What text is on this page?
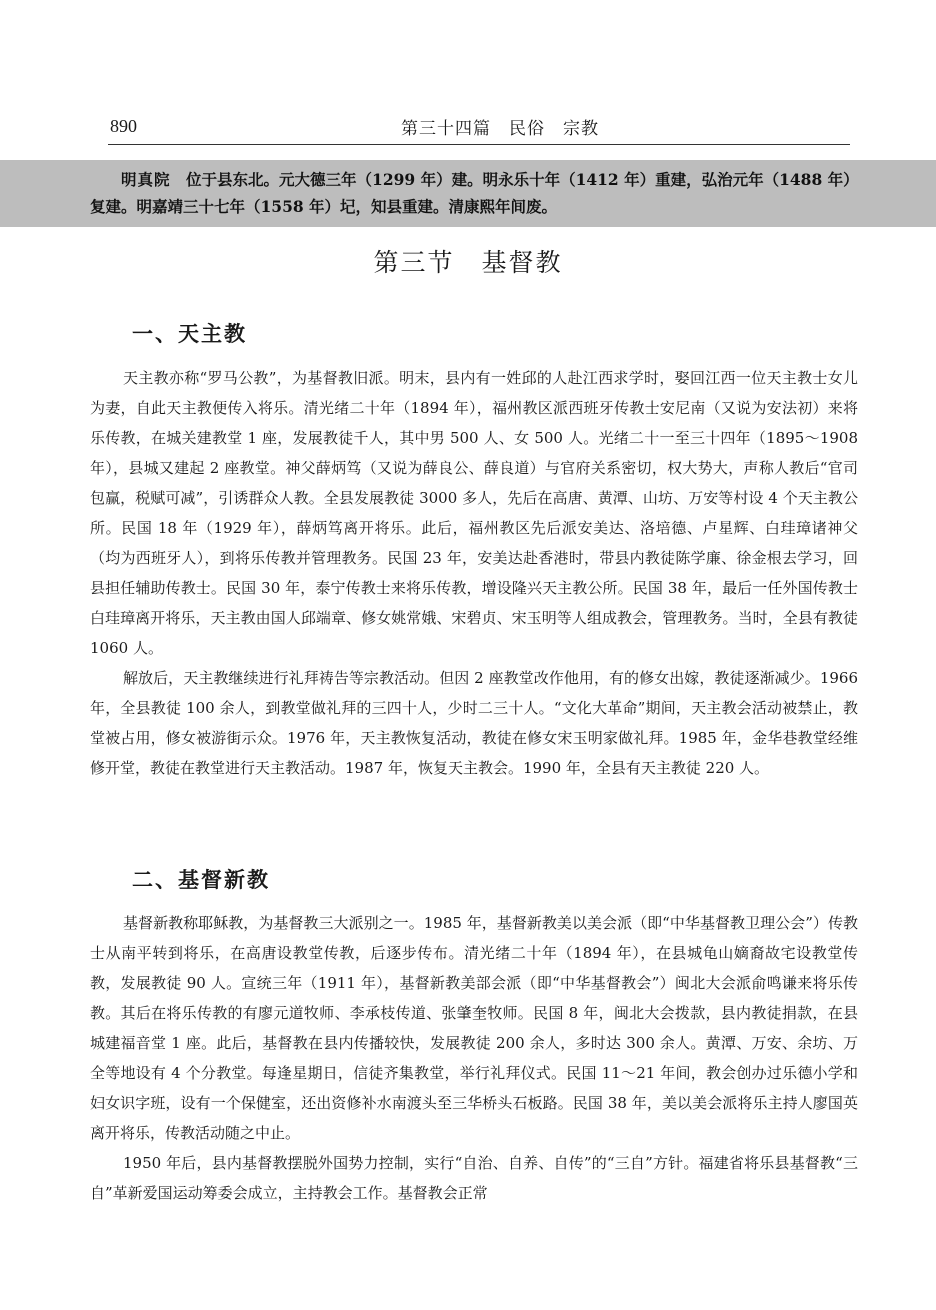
890	第三十四篇　民俗　宗教
明真院　 位于县东北。元大德三年（1299 年）建。明永乐十年（1412 年）重建，弘治元年（1488 年）复建。明嘉靖三十七年（1558 年）圮，知县重建。清康熙年间废。
第三节　基督教
一、天主教

天主教亦称“罗马公教”，为基督教旧派。明末，县内有一姓邱的人赴江西求学时，娶回江西一位天主教士女儿为妻，自此天主教便传入将乐。清光绪二十年（1894 年），福州教区派西班牙传教士安尼南（又说为安法初）来将乐传教，在城关建教堂 1 座，发展教徒千人，其中男 500 人、女 500 人。光绪二十一至三十四年（1895～1908 年），县城又建起 2 座教堂。神父薛炳笃（又说为薛良公、薛良道）与官府关系密切，权大势大，声称人教后“官司包赢，税赋可减”，引诱群众人教。全县发展教徒 3000 多人，先后在高唐、黄潭、山坊、万安等村设 4 个天主教公所。民国 18 年（1929 年），薛炳笃离开将乐。此后，福州教区先后派安美达、洛培德、卢星辉、白珪璋诸神父（均为西班牙人），到将乐传教并管理教务。民国 23 年，安美达赴香港时，带县内教徒陈学廉、徐金根去学习，回县担任辅助传教士。民国 30 年，泰宁传教士来将乐传教，增设隆兴天主教公所。民国 38 年，最后一任外国传教士白珪璋离开将乐，天主教由国人邱端章、修女姚常娥、宋碧贞、宋玉明等人组成教会，管理教务。当时，全县有教徒 1060 人。

解放后，天主教继续进行礼拜祷告等宗教活动。但因 2 座教堂改作他用，有的修女出嫁，教徒逐渐减少。1966 年，全县教徒 100 余人，到教堂做礼拜的三四十人，少时二三十人。“文化大革命”期间，天主教会活动被禁止，教堂被占用，修女被游街示众。1976 年，天主教恢复活动，教徒在修女宋玉明家做礼拜。1985 年，金华巷教堂经维修开堂，教徒在教堂进行天主教活动。1987 年，恢复天主教会。1990 年，全县有天主教徒 220 人。

二、基督新教

基督新教称耶稣教，为基督教三大派别之一。1985 年，基督新教美以美会派（即“中华基督教卫理公会”）传教士从南平转到将乐，在高唐设教堂传教，后逐步传布。清光绪二十年（1894 年），在县城龟山嫡裔故宅设教堂传教，发展教徒 90 人。宣统三年（1911 年），基督新教美部会派（即“中华基督教会”）闽北大会派俞鸣谦来将乐传教。其后在将乐传教的有廖元道牧师、李承枝传道、张肇奎牧师。民国 8 年，闽北大会拨款，县内教徒捐款，在县城建福音堂 1 座。此后，基督教在县内传播较快，发展教徒 200 余人，多时达 300 余人。黄潭、万安、余坊、万全等地设有 4 个分教堂。每逢星期日，信徒齐集教堂，举行礼拜仪式。民国 11～21 年间，教会创办过乐德小学和妇女识字班，设有一个保健室，还出资修补水南渡头至三华桥头石板路。民国 38 年，美以美会派将乐主持人廖国英离开将乐，传教活动随之中止。

1950 年后，县内基督教摆脱外国势力控制，实行“自治、自养、自传”的“三自”方针。福建省将乐县基督教“三自”革新爱国运动筹委会成立，主持教会工作。基督教会正常
